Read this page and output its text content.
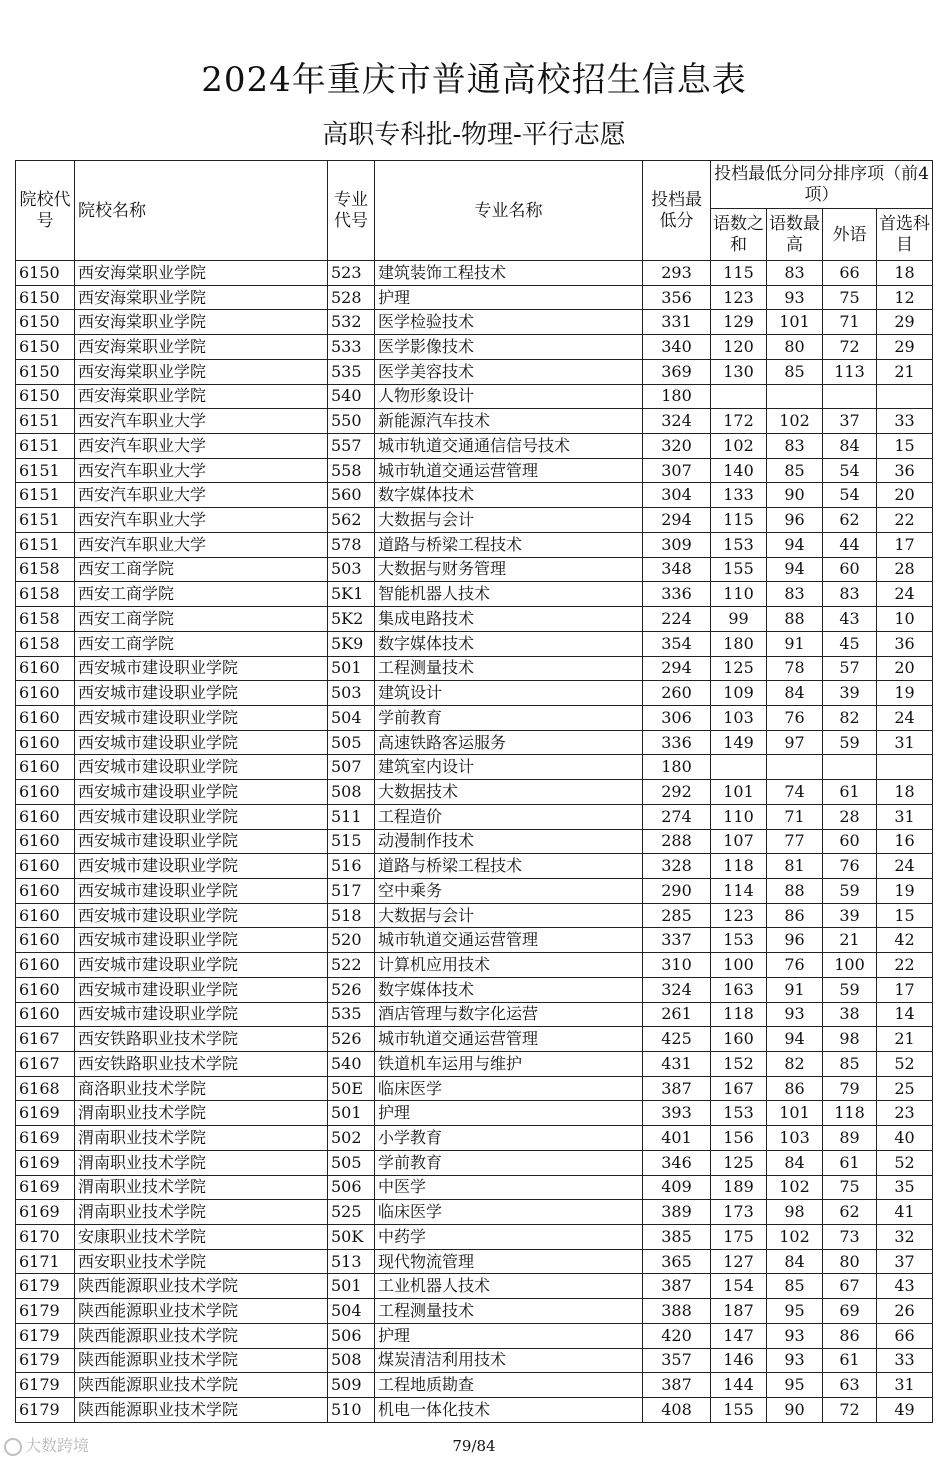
2024年重庆市普通高校招生信息表
高职专科批-物理-平行志愿
院校代号	院校名称	专业代号	专业名称	投档最低分	投档最低分同分排序项（前4项）			
					语数之和	语数最高	外语	首选科目
6150	西安海棠职业学院	523	建筑装饰工程技术	293	115	83	66	18
6150	西安海棠职业学院	528	护理	356	123	93	75	12
6150	西安海棠职业学院	532	医学检验技术	331	129	101	71	29
6150	西安海棠职业学院	533	医学影像技术	340	120	80	72	29
6150	西安海棠职业学院	535	医学美容技术	369	130	85	113	21
6150	西安海棠职业学院	540	人物形象设计	180				
6151	西安汽车职业大学	550	新能源汽车技术	324	172	102	37	33
6151	西安汽车职业大学	557	城市轨道交通通信信号技术	320	102	83	84	15
6151	西安汽车职业大学	558	城市轨道交通运营管理	307	140	85	54	36
6151	西安汽车职业大学	560	数字媒体技术	304	133	90	54	20
6151	西安汽车职业大学	562	大数据与会计	294	115	96	62	22
6151	西安汽车职业大学	578	道路与桥梁工程技术	309	153	94	44	17
6158	西安工商学院	503	大数据与财务管理	348	155	94	60	28
6158	西安工商学院	5K1	智能机器人技术	336	110	83	83	24
6158	西安工商学院	5K2	集成电路技术	224	99	88	43	10
6158	西安工商学院	5K9	数字媒体技术	354	180	91	45	36
6160	西安城市建设职业学院	501	工程测量技术	294	125	78	57	20
6160	西安城市建设职业学院	503	建筑设计	260	109	84	39	19
6160	西安城市建设职业学院	504	学前教育	306	103	76	82	24
6160	西安城市建设职业学院	505	高速铁路客运服务	336	149	97	59	31
6160	西安城市建设职业学院	507	建筑室内设计	180				
6160	西安城市建设职业学院	508	大数据技术	292	101	74	61	18
6160	西安城市建设职业学院	511	工程造价	274	110	71	28	31
6160	西安城市建设职业学院	515	动漫制作技术	288	107	77	60	16
6160	西安城市建设职业学院	516	道路与桥梁工程技术	328	118	81	76	24
6160	西安城市建设职业学院	517	空中乘务	290	114	88	59	19
6160	西安城市建设职业学院	518	大数据与会计	285	123	86	39	15
6160	西安城市建设职业学院	520	城市轨道交通运营管理	337	153	96	21	42
6160	西安城市建设职业学院	522	计算机应用技术	310	100	76	100	22
6160	西安城市建设职业学院	526	数字媒体技术	324	163	91	59	17
6160	西安城市建设职业学院	535	酒店管理与数字化运营	261	118	93	38	14
6167	西安铁路职业技术学院	526	城市轨道交通运营管理	425	160	94	98	21
6167	西安铁路职业技术学院	540	铁道机车运用与维护	431	152	82	85	52
6168	商洛职业技术学院	50E	临床医学	387	167	86	79	25
6169	渭南职业技术学院	501	护理	393	153	101	118	23
6169	渭南职业技术学院	502	小学教育	401	156	103	89	40
6169	渭南职业技术学院	505	学前教育	346	125	84	61	52
6169	渭南职业技术学院	506	中医学	409	189	102	75	35
6169	渭南职业技术学院	525	临床医学	389	173	98	62	41
6170	安康职业技术学院	50K	中药学	385	175	102	73	32
6171	西安职业技术学院	513	现代物流管理	365	127	84	80	37
6179	陕西能源职业技术学院	501	工业机器人技术	387	154	85	67	43
6179	陕西能源职业技术学院	504	工程测量技术	388	187	95	69	26
6179	陕西能源职业技术学院	506	护理	420	147	93	86	66
6179	陕西能源职业技术学院	508	煤炭清洁利用技术	357	146	93	61	33
6179	陕西能源职业技术学院	509	工程地质勘查	387	144	95	63	31
6179	陕西能源职业技术学院	510	机电一体化技术	408	155	90	72	49
79/84
大数跨境
